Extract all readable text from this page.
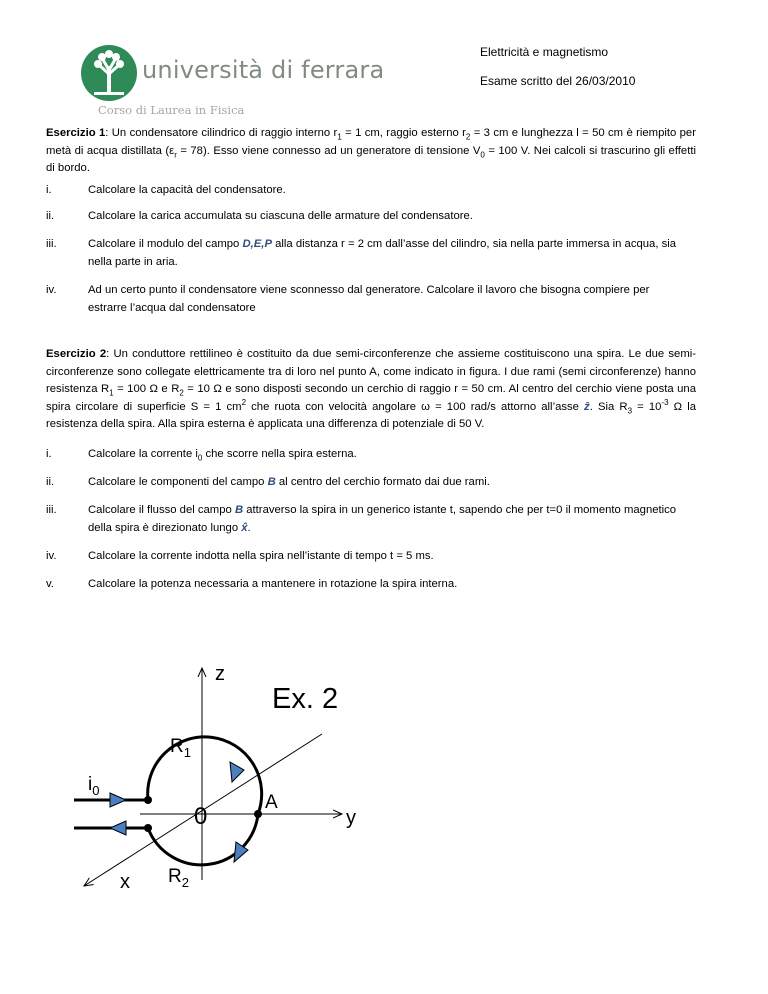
università di ferrara
Corso di Laurea in Fisica
Elettricità e magnetismo
Esame scritto del 26/03/2010
Esercizio 1: Un condensatore cilindrico di raggio interno $r_1 = 1$ cm, raggio esterno $r_2 = 3$ cm e lunghezza l = 50 cm è riempito per metà di acqua distillata $(\varepsilon_r = 78)$. Esso viene connesso ad un generatore di tensione $V_0 = 100$ V. Nei calcoli si trascurino gli effetti di bordo.
i.	Calcolare la capacità del condensatore.
ii.	Calcolare la carica accumulata su ciascuna delle armature del condensatore.
iii.	Calcolare il modulo del campo D,E,P alla distanza r = 2 cm dall’asse del cilindro, sia nella parte immersa in acqua, sia nella parte in aria.
iv.	Ad un certo punto il condensatore viene sconnesso dal generatore. Calcolare il lavoro che bisogna compiere per estrarre l’acqua dal condensatore
Esercizio 2: Un conduttore rettilineo è costituito da due semi-circonferenze che assieme costituiscono una spira. Le due semi-circonferenze sono collegate elettricamente tra di loro nel punto A, come indicato in figura. I due rami (semi circonferenze) hanno resistenza $R_1 = 100$ Ω e $R_2 = 10$ Ω e sono disposti secondo un cerchio di raggio r = 50 cm. Al centro del cerchio viene posta una spira circolare di superficie S = 1 $cm^2$ che ruota con velocità angolare ω = 100 rad/s attorno all’asse ẑ. Sia $R_3 = 10^{-3}$ Ω la resistenza della spira. Alla spira esterna è applicata una differenza di potenziale di 50 V.
i.	Calcolare la corrente $i_0$ che scorre nella spira esterna.
ii.	Calcolare le componenti del campo B al centro del cerchio formato dai due rami.
iii.	Calcolare il flusso del campo B attraverso la spira in un generico istante t, sapendo che per t=0 il momento magnetico della spira è direzionato lungo x̂.
iv.	Calcolare la corrente indotta nella spira nell’istante di tempo t = 5 ms.
v.	Calcolare la potenza necessaria a mantenere in rotazione la spira interna.
z
Ex. 2
$R_1$
$i_0$
A
y
0
x $R_2$
